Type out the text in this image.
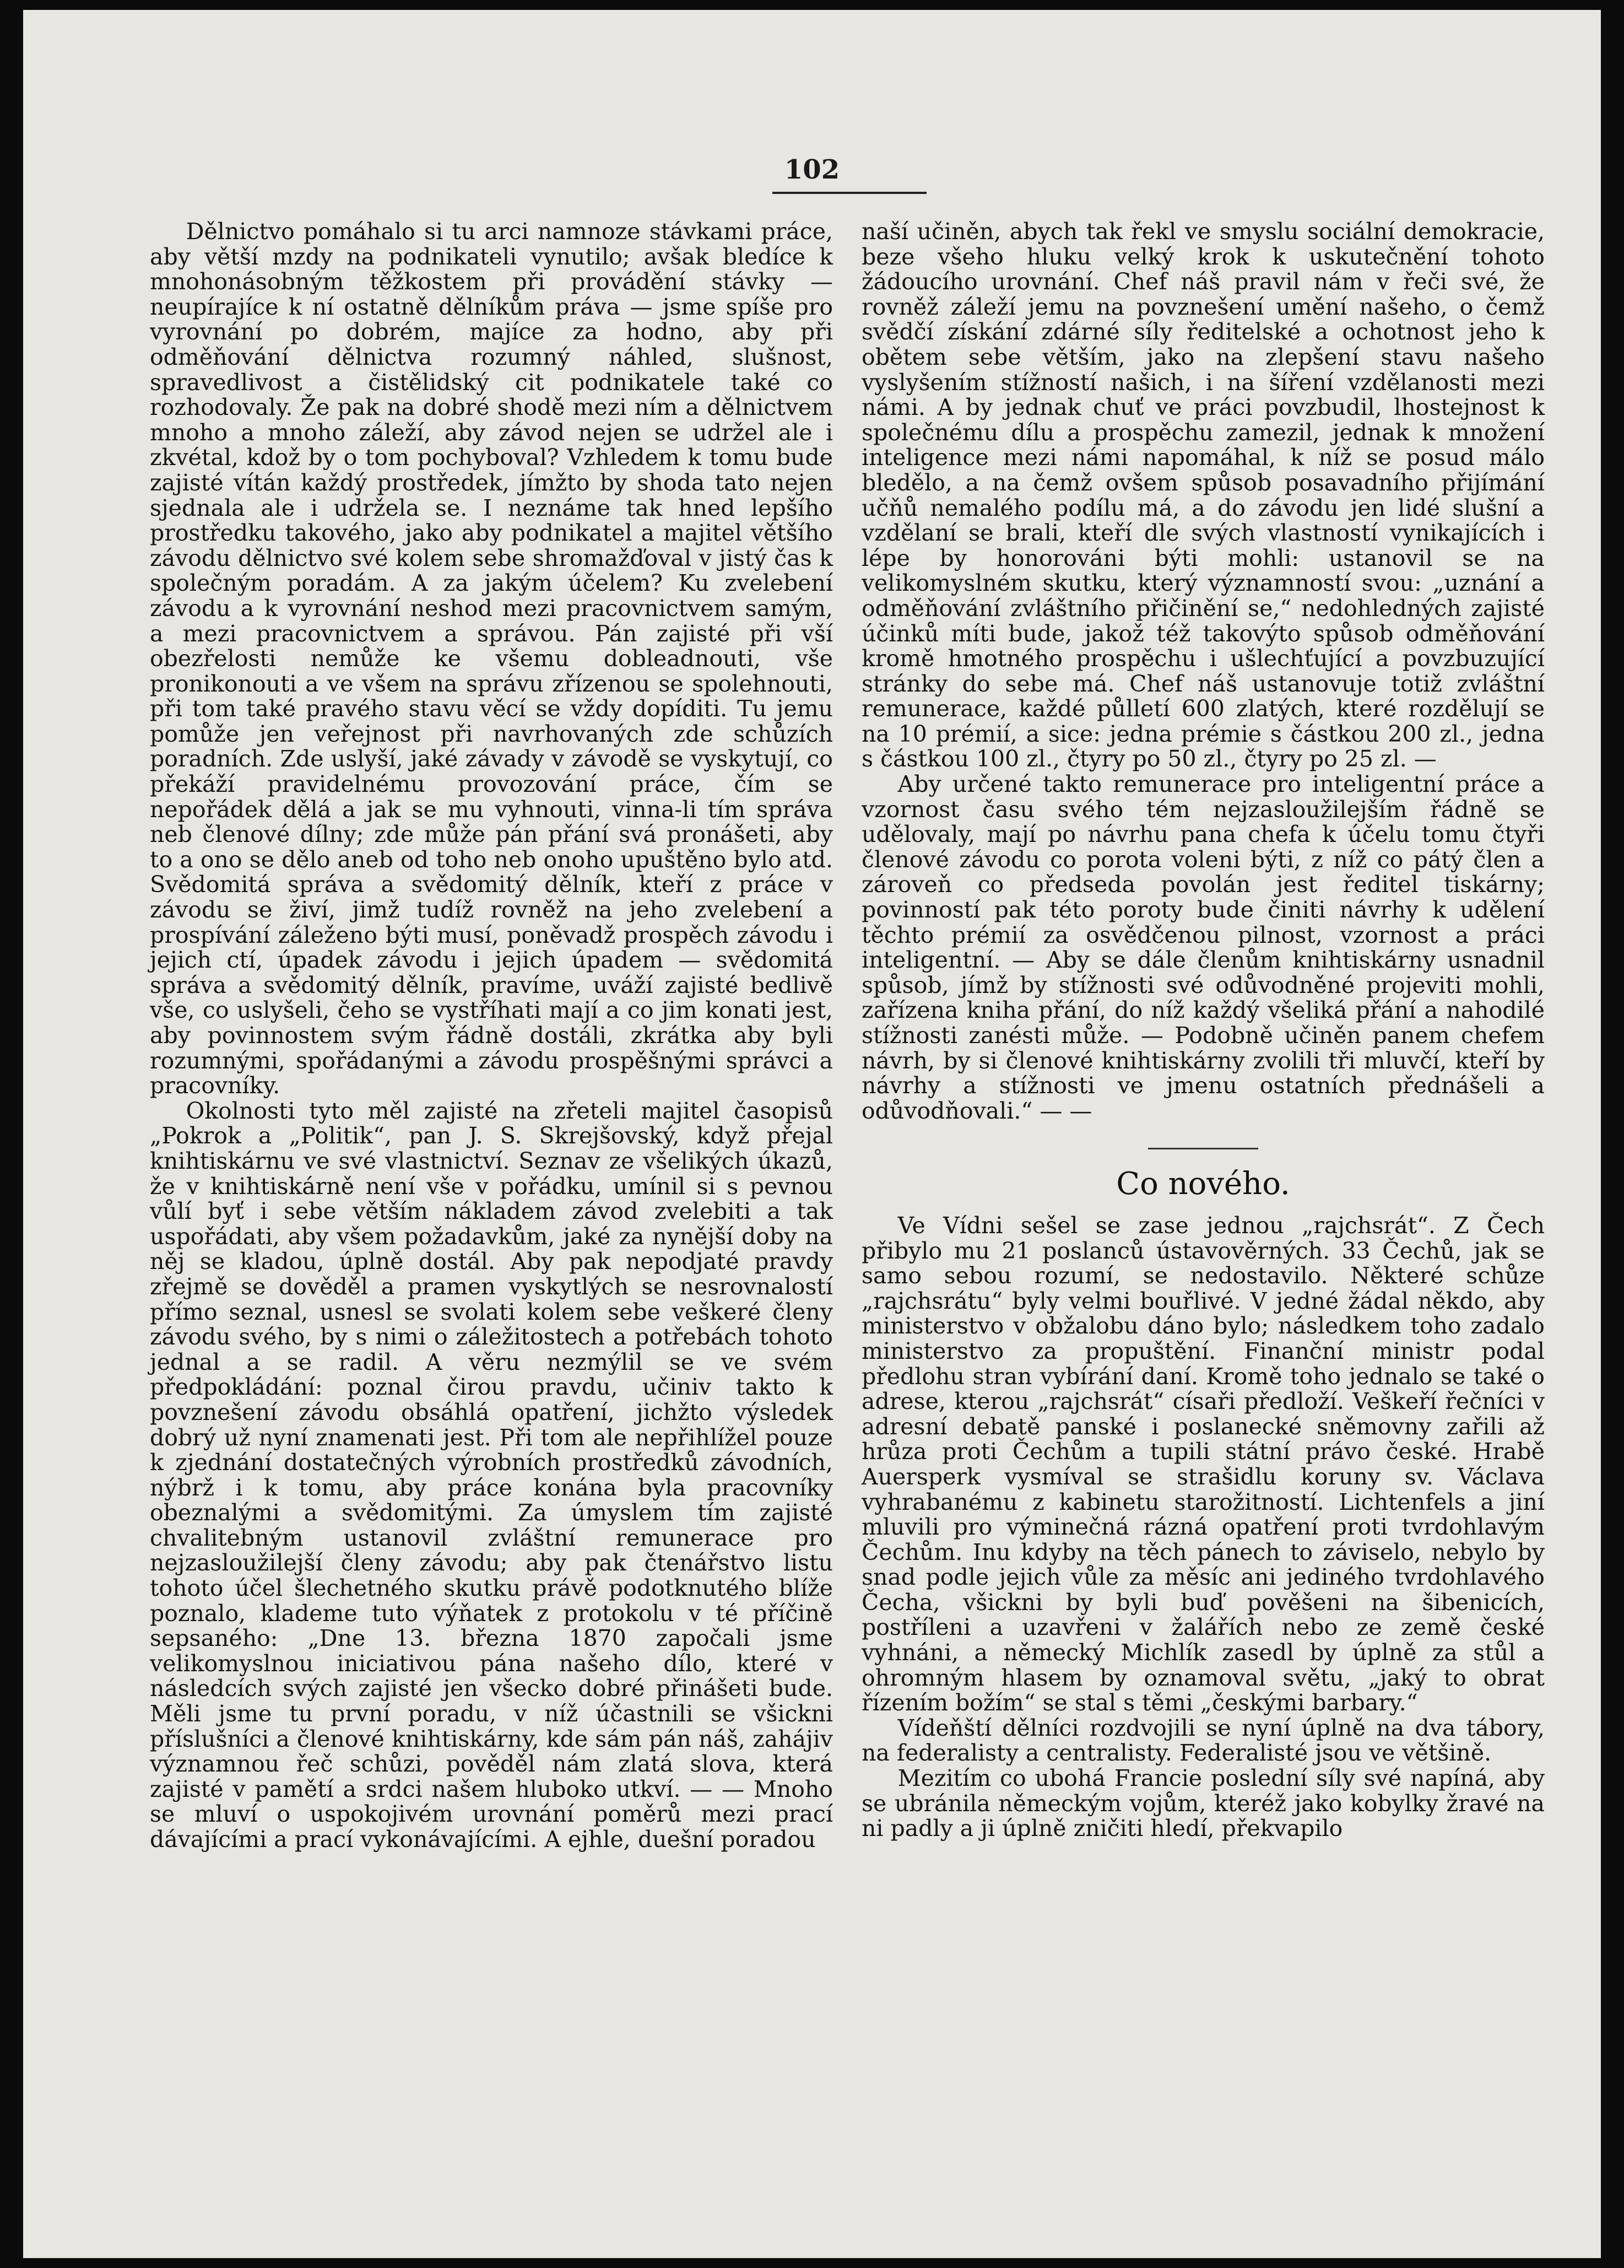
102

Dělnictvo pomáhalo si tu arci namnoze stávkami práce, aby větší mzdy na podnikateli vynutilo; avšak bledíce k mnohonásobným těžkostem při provádění stávky — neupírajíce k ní ostatně dělníkům práva — jsme spíše pro vyrovnání po dobrém, majíce za hodno, aby při odměňování dělnictva rozumný náhled, slušnost, spravedlivost a čistělidský cit podnikatele také co rozhodovaly. Že pak na dobré shodě mezi ním a dělnictvem mnoho a mnoho záleží, aby závod nejen se udržel ale i zkvétal, kdož by o tom pochyboval? Vzhledem k tomu bude zajisté vítán každý prostředek, jímžto by shoda tato nejen sjednala ale i udržela se. I neznáme tak hned lepšího prostředku takového, jako aby podnikatel a majitel většího závodu dělnictvo své kolem sebe shromažďoval v jistý čas k společným poradám. A za jakým účelem? Ku zvelebení závodu a k vyrovnání neshod mezi pracovnictvem samým, a mezi pracovnictvem a správou. Pán zajisté při vší obezřelosti nemůže ke všemu dobleadnouti, vše pronikonouti a ve všem na správu zřízenou se spolehnouti, při tom také pravého stavu věcí se vždy dopíditi. Tu jemu pomůže jen veřejnost při navrhovaných zde schůzích poradních. Zde uslyší, jaké závady v závodě se vyskytují, co překáží pravidelnému provozování práce, čím se nepořádek dělá a jak se mu vyhnouti, vinna-li tím správa neb členové dílny; zde může pán přání svá pronášeti, aby to a ono se dělo aneb od toho neb onoho upuštěno bylo atd. Svědomitá správa a svědomitý dělník, kteří z práce v závodu se živí, jimž tudíž rovněž na jeho zvelebení a prospívání záleženo býti musí, poněvadž prospěch závodu i jejich ctí, úpadek závodu i jejich úpadem — svědomitá správa a svědomitý dělník, pravíme, uváží zajisté bedlivě vše, co uslyšeli, čeho se vystříhati mají a co jim konati jest, aby povinnostem svým řádně dostáli, zkrátka aby byli rozumnými, spořádanými a závodu prospěšnými správci a pracovníky.

Okolnosti tyto měl zajisté na zřeteli majitel časopisů „Pokrok a „Politik“, pan J. S. Skrejšovský, když přejal knihtiskárnu ve své vlastnictví. Seznav ze všelikých úkazů, že v knihtiskárně není vše v pořádku, umínil si s pevnou vůlí byť i sebe větším nákladem závod zvelebiti a tak uspořádati, aby všem požadavkům, jaké za nynější doby na něj se kladou, úplně dostál. Aby pak nepodjaté pravdy zřejmě se dověděl a pramen vyskytlých se nesrovnalostí přímo seznal, usnesl se svolati kolem sebe veškeré členy závodu svého, by s nimi o záležitostech a potřebách tohoto jednal a se radil. A věru nezmýlil se ve svém předpokládání: poznal čirou pravdu, učiniv takto k povznešení závodu obsáhlá opatření, jichžto výsledek dobrý už nyní znamenati jest. Při tom ale nepřihlížel pouze k zjednání dostatečných výrobních prostředků závodních, nýbrž i k tomu, aby práce konána byla pracovníky obeznalými a svědomitými. Za úmyslem tím zajisté chvalitebným ustanovil zvláštní remunerace pro nejzasloužilejší členy závodu; aby pak čtenářstvo listu tohoto účel šlechetného skutku právě podotknutého blíže poznalo, klademe tuto výňatek z protokolu v té příčině sepsaného: „Dne 13. března 1870 započali jsme velikomyslnou iniciativou pána našeho dílo, které v následcích svých zajisté jen všecko dobré přinášeti bude. Měli jsme tu první poradu, v níž účastnili se všickni příslušníci a členové knihtiskárny, kde sám pán náš, zahájiv významnou řeč schůzi, pověděl nám zlatá slova, která zajisté v pamětí a srdci našem hluboko utkví. — — Mnoho se mluví o uspokojivém urovnání poměrů mezi prací dávajícími a prací vykonávajícími. A ejhle, duešní poradou

naší učiněn, abych tak řekl ve smyslu sociální demokracie, beze všeho hluku velký krok k uskutečnění tohoto žádoucího urovnání. Chef náš pravil nám v řeči své, že rovněž záleží jemu na povznešení umění našeho, o čemž svědčí získání zdárné síly ředitelské a ochotnost jeho k obětem sebe větším, jako na zlepšení stavu našeho vyslyšením stížností našich, i na šíření vzdělanosti mezi námi. A by jednak chuť ve práci povzbudil, lhostejnost k společnému dílu a prospěchu zamezil, jednak k množení inteligence mezi námi napomáhal, k níž se posud málo bledělo, a na čemž ovšem spůsob posavadního přijímání učňů nemalého podílu má, a do závodu jen lidé slušní a vzdělaní se brali, kteří dle svých vlastností vynikajících i lépe by honorováni býti mohli: ustanovil se na velikomyslném skutku, který významností svou: „uznání a odměňování zvláštního přičinění se,“ nedohledných zajisté účinků míti bude, jakož též takovýto spůsob odměňování kromě hmotného prospěchu i ušlechťující a povzbuzující stránky do sebe má. Chef náš ustanovuje totiž zvláštní remunerace, každé půlletí 600 zlatých, které rozdělují se na 10 prémií, a sice: jedna prémie s částkou 200 zl., jedna s částkou 100 zl., čtyry po 50 zl., čtyry po 25 zl. —

Aby určené takto remunerace pro inteligentní práce a vzornost času svého tém nejzasloužilejším řádně se udělovaly, mají po návrhu pana chefa k účelu tomu čtyři členové závodu co porota voleni býti, z níž co pátý člen a zároveň co předseda povolán jest ředitel tiskárny; povinností pak této poroty bude činiti návrhy k udělení těchto prémií za osvědčenou pilnost, vzornost a práci inteligentní. — Aby se dále členům knihtiskárny usnadnil spůsob, jímž by stížnosti své odůvodněné projeviti mohli, zařízena kniha přání, do níž každý všeliká přání a nahodilé stížnosti zanésti může. — Podobně učiněn panem chefem návrh, by si členové knihtiskárny zvolili tři mluvčí, kteří by návrhy a stížnosti ve jmenu ostatních přednášeli a odůvodňovali.“ — —

Co nového.

Ve Vídni sešel se zase jednou „rajchsrát“. Z Čech přibylo mu 21 poslanců ústavověrných. 33 Čechů, jak se samo sebou rozumí, se nedostavilo. Některé schůze „rajchsrátu“ byly velmi bouřlivé. V jedné žádal někdo, aby ministerstvo v obžalobu dáno bylo; následkem toho zadalo ministerstvo za propuštění. Finanční ministr podal předlohu stran vybírání daní. Kromě toho jednalo se také o adrese, kterou „rajchsrát“ císaři předloží. Veškeří řečníci v adresní debatě panské i poslanecké sněmovny zařili až hrůza proti Čechům a tupili státní právo české. Hrabě Auersperk vysmíval se strašidlu koruny sv. Václava vyhrabanému z kabinetu starožitností. Lichtenfels a jiní mluvili pro výminečná rázná opatření proti tvrdohlavým Čechům. Inu kdyby na těch pánech to záviselo, nebylo by snad podle jejich vůle za měsíc ani jediného tvrdohlavého Čecha, všickni by byli buď pověšeni na šibenicích, postříleni a uzavřeni v žalářích nebo ze země české vyhnáni, a německý Michlík zasedl by úplně za stůl a ohromným hlasem by oznamoval světu, „jaký to obrat řízením božím“ se stal s těmi „českými barbary.“

Vídeňští dělníci rozdvojili se nyní úplně na dva tábory, na federalisty a centralisty. Federalisté jsou ve většině.

Mezitím co ubohá Francie poslední síly své napíná, aby se ubránila německým vojům, kteréž jako kobylky žravé na ni padly a ji úplně zničiti hledí, překvapilo
